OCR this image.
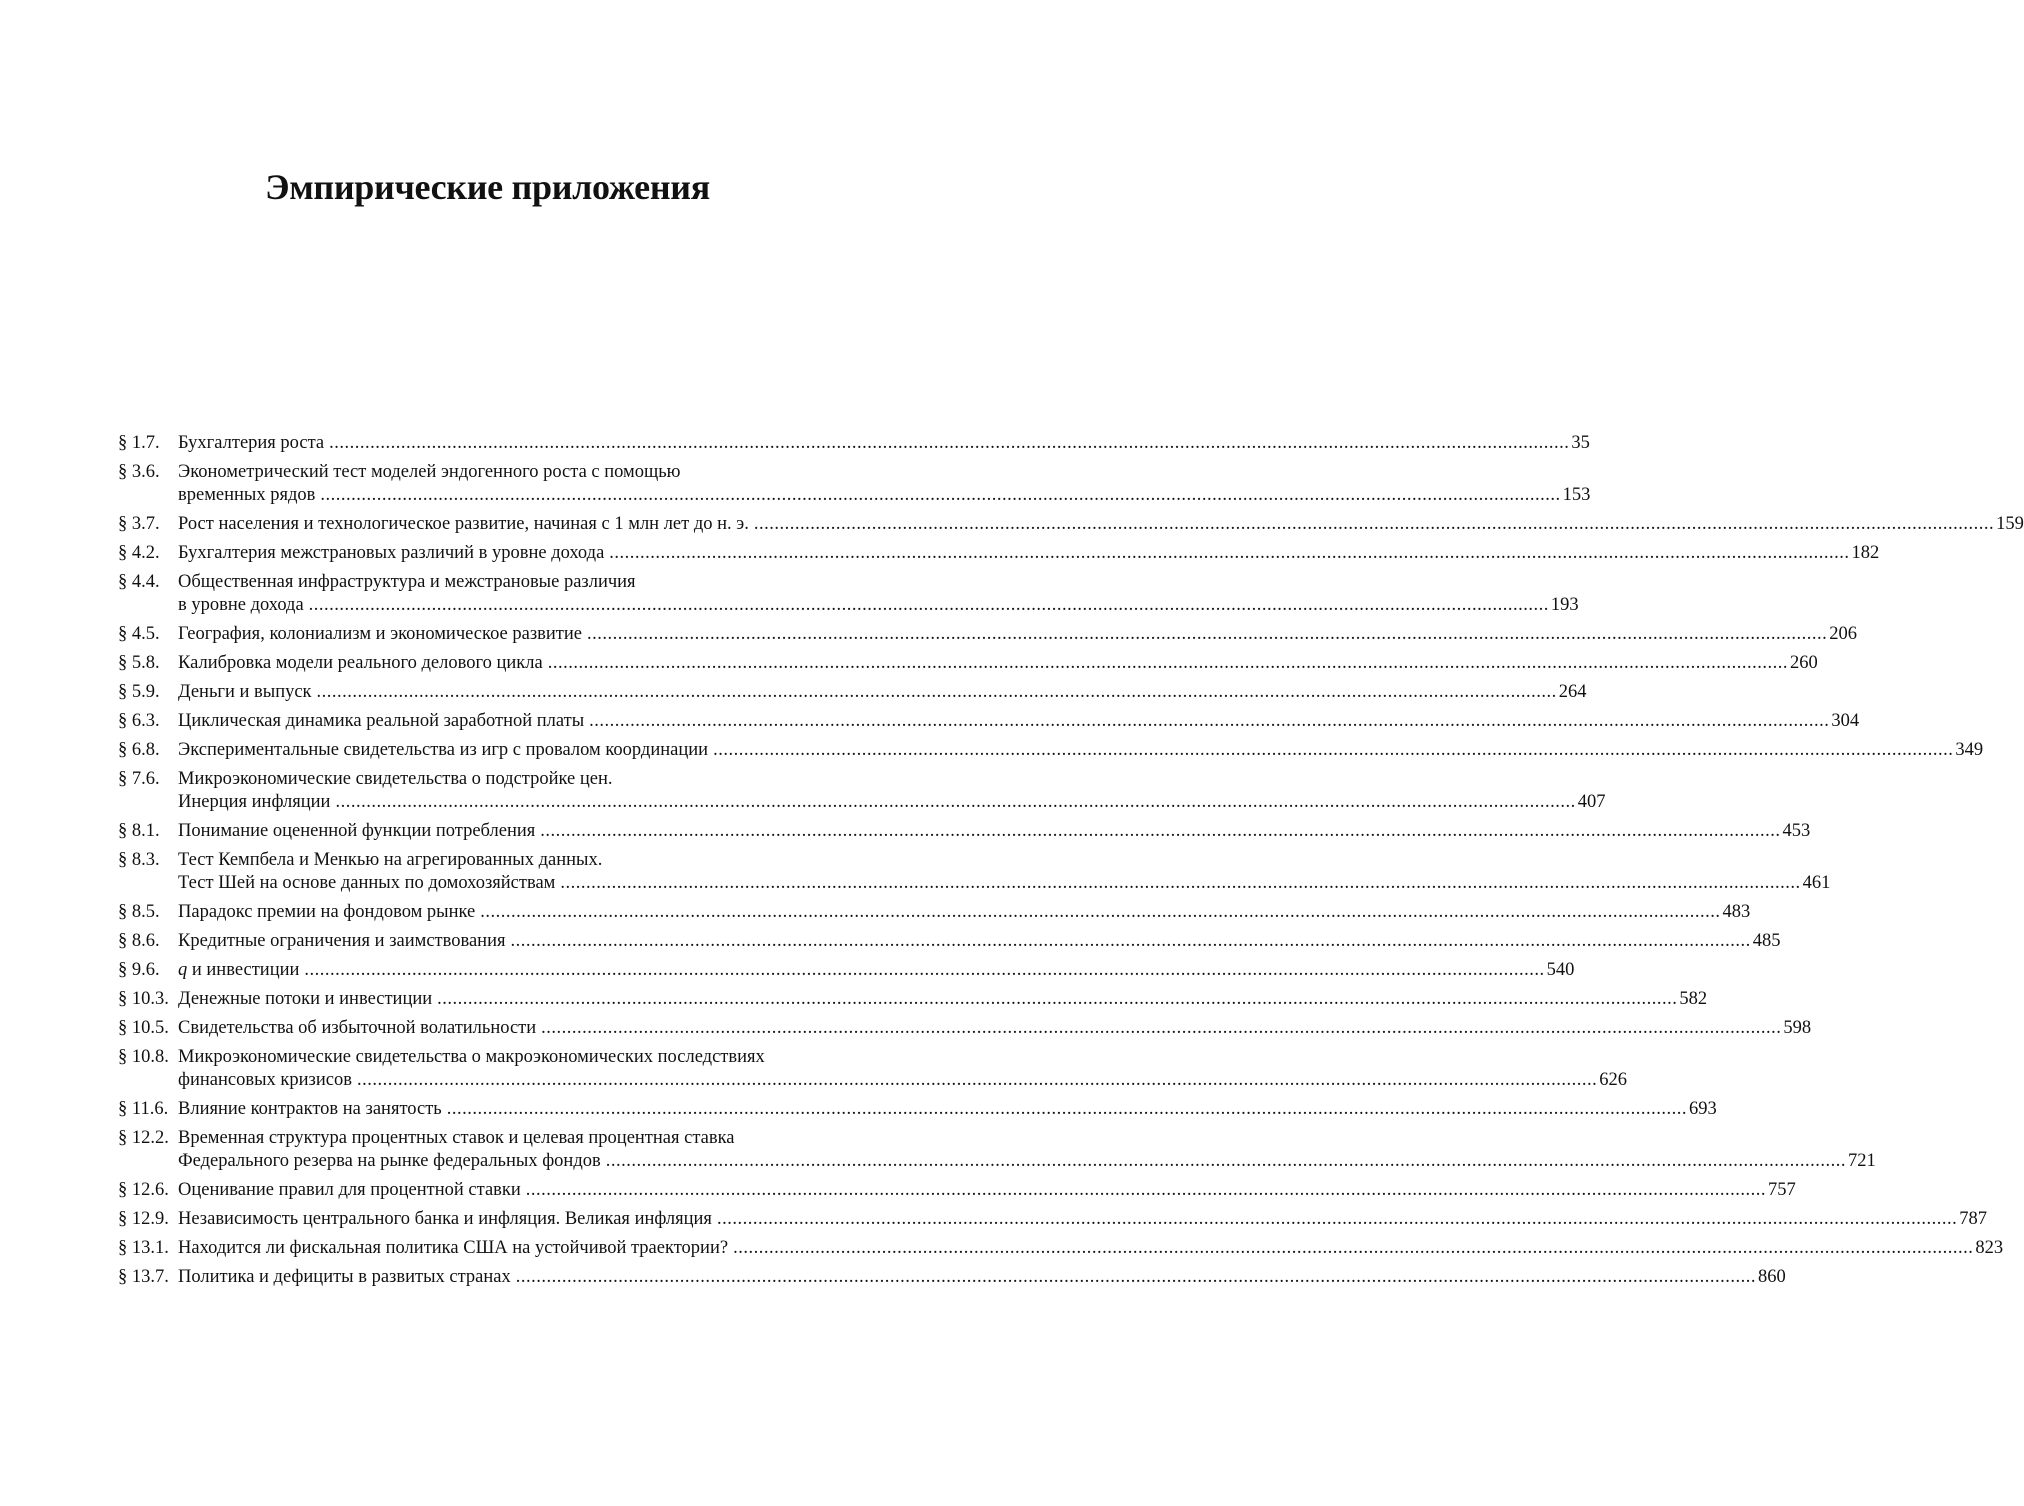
Эмпирические приложения
§ 1.7. Бухгалтерия роста .....	35
§ 3.6. Эконометрический тест моделей эндогенного роста с помощью
временных рядов .....	153
§ 3.7. Рост населения и технологическое развитие, начиная с 1 млн лет до н. э. .....	159
§ 4.2. Бухгалтерия межстрановых различий в уровне дохода .....	182
§ 4.4. Общественная инфраструктура и межстрановые различия
в уровне дохода .....	193
§ 4.5. География, колониализм и экономическое развитие .....	206
§ 5.8. Калибровка модели реального делового цикла .....	260
§ 5.9. Деньги и выпуск .....	264
§ 6.3. Циклическая динамика реальной заработной платы .....	304
§ 6.8. Экспериментальные свидетельства из игр с провалом координации .....	349
§ 7.6. Микроэкономические свидетельства о подстройке цен.
Инерция инфляции .....	407
§ 8.1. Понимание оцененной функции потребления .....	453
§ 8.3. Тест Кемпбела и Менкью на агрегированных данных.
Тест Шей на основе данных по домохозяйствам .....	461
§ 8.5. Парадокс премии на фондовом рынке .....	483
§ 8.6. Кредитные ограничения и заимствования .....	485
§ 9.6. q и инвестиции .....	540
§ 10.3. Денежные потоки и инвестиции .....	582
§ 10.5. Свидетельства об избыточной волатильности .....	598
§ 10.8. Микроэкономические свидетельства о макроэкономических последствиях
финансовых кризисов .....	626
§ 11.6. Влияние контрактов на занятость .....	693
§ 12.2. Временная структура процентных ставок и целевая процентная ставка
Федерального резерва на рынке федеральных фондов .....	721
§ 12.6. Оценивание правил для процентной ставки .....	757
§ 12.9. Независимость центрального банка и инфляция. Великая инфляция .....	787
§ 13.1. Находится ли фискальная политика США на устойчивой траектории? .....	823
§ 13.7. Политика и дефициты в развитых странах .....	860
